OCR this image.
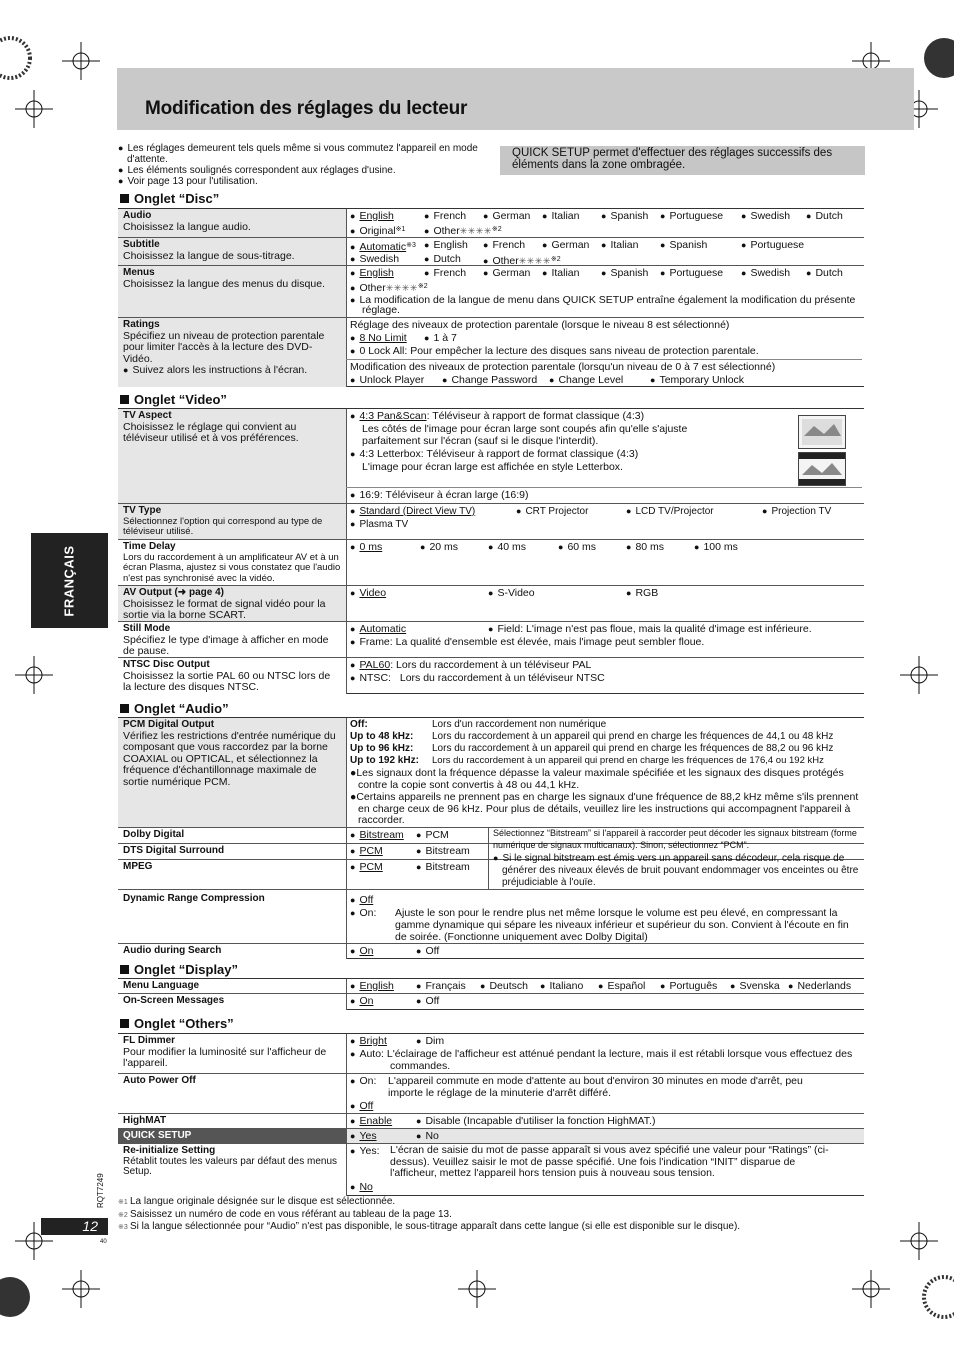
Modification des réglages du lecteur
FRANÇAIS
● Les réglages demeurent tels quels même si vous commutez l'appareil en mode d'attente.
● Les éléments soulignés correspondent aux réglages d'usine.
● Voir page 13 pour l'utilisation.
QUICK SETUP permet d'effectuer des réglages successifs des éléments dans la zone ombragée.
Onglet “Disc”
Audio
Choisissez la langue audio.
● English	● French ● German ● Italian ● Spanish ● Portuguese ● Swedish ● Dutch
● Original$^{※1}$ ● Other✳✳✳✳$^{※2}$
Subtitle
Choisissez la langue de sous-titrage.
● Automatic$^{※3}$ ● English ● French ● German ● Italian ● Spanish	● Portuguese
● Swedish	● Dutch ● Other✳✳✳✳$^{※2}$
Menus
Choisissez la langue des menus du disque.
● English	● French ● German ● Italian ● Spanish ● Portuguese ● Swedish ● Dutch
● Other✳✳✳✳$^{※2}$
● La modification de la langue de menu dans QUICK SETUP entraîne également la modification du présente réglage.
Ratings
Spécifiez un niveau de protection parentale pour limiter l'accès à la lecture des DVD-Vidéo.
● Suivez alors les instructions à l'écran.
Réglage des niveaux de protection parentale (lorsque le niveau 8 est sélectionné)
● 8 No Limit ● 1 à 7
● 0 Lock All: Pour empêcher la lecture des disques sans niveau de protection parentale.
Modification des niveaux de protection parentale (lorsqu'un niveau de 0 à 7 est sélectionné)
● Unlock Player ● Change Password ● Change Level	● Temporary Unlock
Onglet “Video”
TV Aspect
Choisissez le réglage qui convient au téléviseur utilisé et à vos préférences.
● 4:3 Pan&Scan: Téléviseur à rapport de format classique (4:3)
Les côtés de l'image pour écran large sont coupés afin qu'elle s'ajuste
parfaitement sur l'écran (sauf si le disque l'interdit).
● 4:3 Letterbox: Téléviseur à rapport de format classique (4:3)
L'image pour écran large est affichée en style Letterbox.
● 16:9: Téléviseur à écran large (16:9)
TV Type
Sélectionnez l'option qui correspond au type de téléviseur utilisé.
● Standard (Direct View TV)	● CRT Projector	● LCD TV/Projector	● Projection TV
● Plasma TV
Time Delay
Lors du raccordement à un amplificateur AV et à un écran Plasma, ajustez si vous constatez que l'audio n'est pas synchronisé avec la vidéo.
● 0 ms	● 20 ms	● 40 ms	● 60 ms	● 80 ms	● 100 ms
AV Output (➜ page 4)
Choisissez le format de signal vidéo pour la sortie via la borne SCART.
● Video	● S-Video	● RGB
Still Mode
Spécifiez le type d'image à afficher en mode de pause.
● Automatic	● Field: L'image n'est pas floue, mais la qualité d'image est inférieure.
● Frame: La qualité d'ensemble est élevée, mais l'image peut sembler floue.
NTSC Disc Output
Choisissez la sortie PAL 60 ou NTSC lors de la lecture des disques NTSC.
● PAL60: Lors du raccordement à un téléviseur PAL
● NTSC: Lors du raccordement à un téléviseur NTSC
Onglet “Audio”
PCM Digital Output
Vérifiez les restrictions d'entrée numérique du composant que vous raccordez par la borne COAXIAL ou OPTICAL, et sélectionnez la fréquence d'échantillonnage maximale de sortie numérique PCM.
Off:	Lors d'un raccordement non numérique
Up to 48 kHz: Lors du raccordement à un appareil qui prend en charge les fréquences de 44,1 ou 48 kHz
Up to 96 kHz: Lors du raccordement à un appareil qui prend en charge les fréquences de 88,2 ou 96 kHz
Up to 192 kHz: Lors du raccordement à un appareil qui prend en charge les fréquences de 176,4 ou 192 kHz
●Les signaux dont la fréquence dépasse la valeur maximale spécifiée et les signaux des disques protégés contre la copie sont convertis à 48 ou 44,1 kHz.
●Certains appareils ne prennent pas en charge les signaux d'une fréquence de 88,2 kHz même s'ils prennent en charge ceux de 96 kHz. Pour plus de détails, veuillez lire les instructions qui accompagnent l'appareil à raccorder.
Dolby Digital	● Bitstream ● PCM
DTS Digital Surround	● PCM	● Bitstream
MPEG	● PCM	● Bitstream
Sélectionnez “Bitstream” si l'appareil à raccorder peut décoder les signaux bitstream (forme numérique de signaux multicanaux). Sinon, sélectionnez “PCM”.
● Si le signal bitstream est émis vers un appareil sans décodeur, cela risque de générer des niveaux élevés de bruit pouvant endommager vos enceintes ou être préjudiciable à l'ouïe.
Dynamic Range Compression	● Off
● On: Ajuste le son pour le rendre plus net même lorsque le volume est peu élevé, en compressant la gamme dynamique qui sépare les niveaux inférieur et supérieur du son. Convient à l'écoute en fin de soirée. (Fonctionne uniquement avec Dolby Digital)
Audio during Search	● On	● Off
Onglet “Display”
Menu Language	● English ● Français ● Deutsch ● Italiano ● Español ● Português ● Svenska ● Nederlands
On-Screen Messages	● On	● Off
Onglet “Others”
FL Dimmer
Pour modifier la luminosité sur l'afficheur de l'appareil.
● Bright	● Dim
● Auto: L'éclairage de l'afficheur est atténué pendant la lecture, mais il est rétabli lorsque vous effectuez des commandes.
Auto Power Off	● On: L'appareil commute en mode d'attente au bout d'environ 30 minutes en mode d'arrêt, peu importe le réglage de la minuterie d'arrêt différé.
● Off
HighMAT	● Enable	● Disable (Incapable d'utiliser la fonction HighMAT.)
QUICK SETUP	● Yes	● No
Re-initialize Setting
Rétablit toutes les valeurs par défaut des menus Setup.
● Yes: L'écran de saisie du mot de passe apparaît si vous avez spécifié une valeur pour “Ratings” (ci-dessus). Veuillez saisir le mot de passe spécifié. Une fois l'indication “INIT” disparue de l'afficheur, mettez l'appareil hors tension puis à nouveau sous tension.
● No
※1 La langue originale désignée sur le disque est sélectionnée.
※2 Saisissez un numéro de code en vous référant au tableau de la page 13.
※3 Si la langue sélectionnée pour “Audio” n'est pas disponible, le sous-titrage apparaît dans cette langue (si elle est disponible sur le disque).
RQT7249
12
40
